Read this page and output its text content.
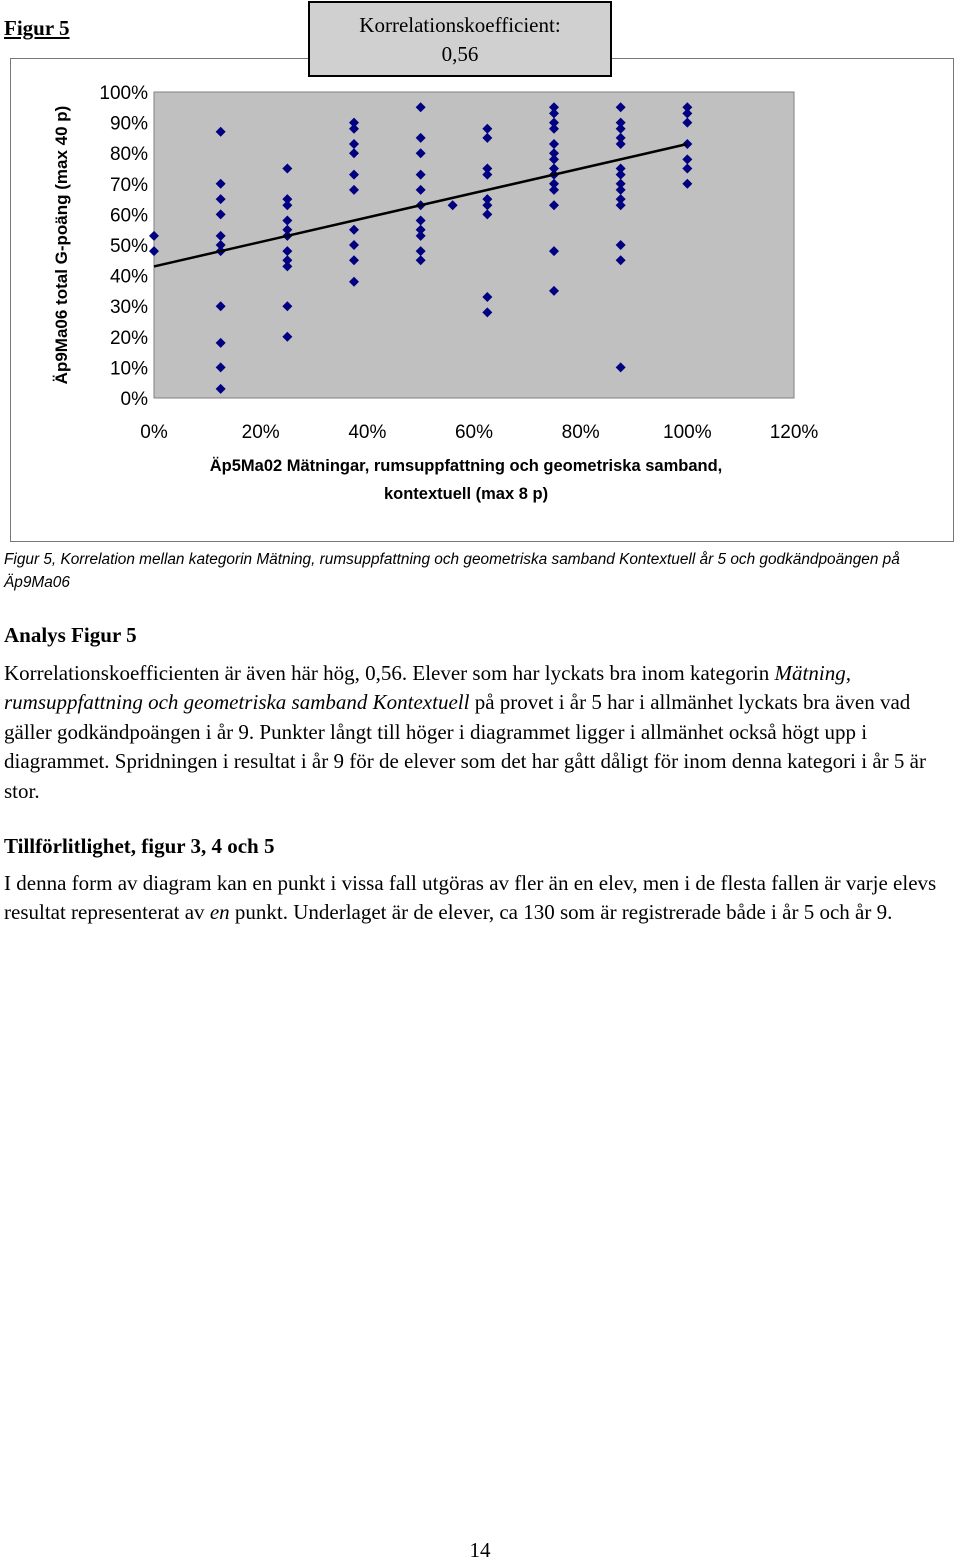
Figur 5
0%
10%
20%
30%
40%
50%
60%
70%
80%
90%
100%
0%	20%	40%	60%	80%	100%	120%
Äp9Ma06 total G-poäng (max 40 p)
Äp5Ma02 Mätningar, rumsuppfattning och geometriska samband,
kontextuell (max 8 p)
Korrelationskoefficient:
0,56

Figur 5, Korrelation mellan kategorin Mätning, rumsuppfattning och geometriska samband Kontextuell år 5 och godkändpoängen på Äp9Ma06

Analys Figur 5

Korrelationskoefficienten är även här hög, 0,56. Elever som har lyckats bra inom kategorin Mätning, rumsuppfattning och geometriska samband Kontextuell på provet i år 5 har i allmänhet lyckats bra även vad gäller godkändpoängen i år 9. Punkter långt till höger i diagrammet ligger i allmänhet också högt upp i diagrammet. Spridningen i resultat i år 9 för de elever som det har gått dåligt för inom denna kategori i år 5 är stor.

Tillförlitlighet, figur 3, 4 och 5

I denna form av diagram kan en punkt i vissa fall utgöras av fler än en elev, men i de flesta fallen är varje elevs resultat representerat av en punkt. Underlaget är de elever, ca 130 som är registrerade både i år 5 och år 9.

14
